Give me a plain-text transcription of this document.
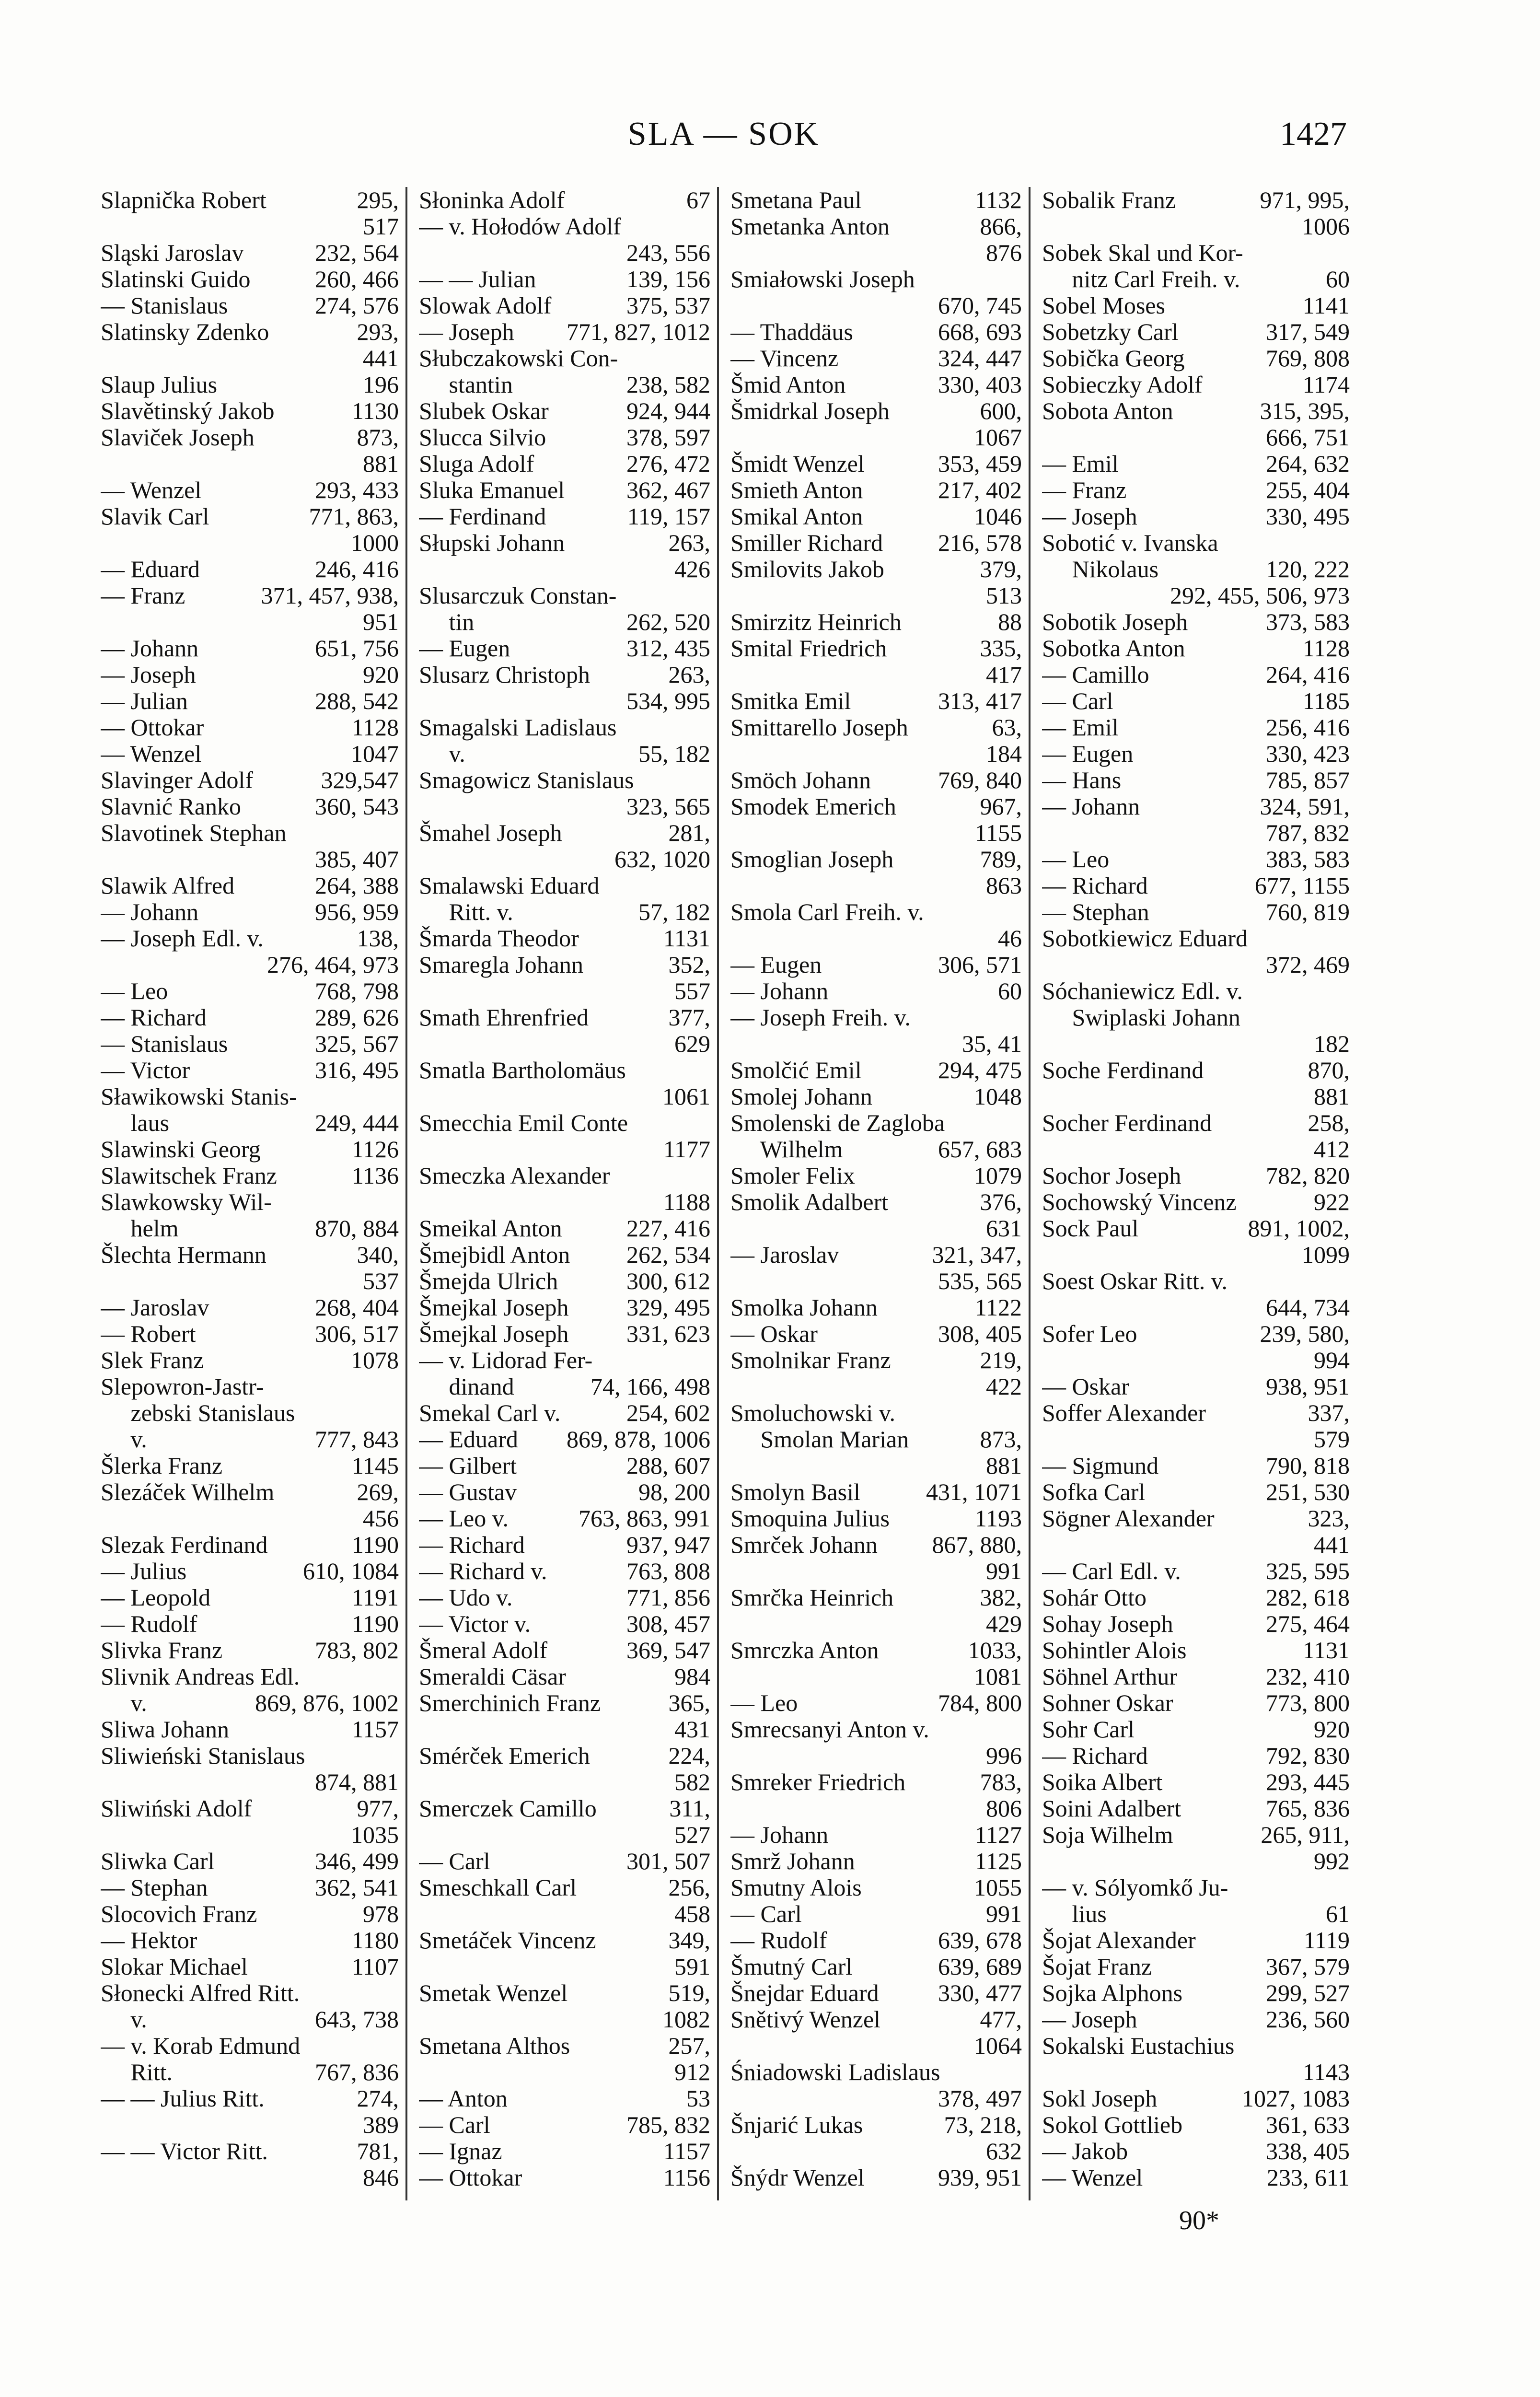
SLA — SOK	1427
Slapnička Robert	295,
517
Sląski Jaroslav	232, 564
Slatinski Guido	260, 466
— Stanislaus	274, 576
Slatinsky Zdenko	293,
441
Slaup Julius	196
Slavětinský Jakob	1130
Slaviček Joseph	873,
881
— Wenzel	293, 433
Slavik Carl	771, 863,
1000
— Eduard	246, 416
— Franz	371, 457, 938,
951
— Johann	651, 756
— Joseph	920
— Julian	288, 542
— Ottokar	1128
— Wenzel	1047
Slavinger Adolf	329,547
Slavnić Ranko	360, 543
Slavotinek Stephan
385, 407
Slawik Alfred	264, 388
— Johann	956, 959
— Joseph Edl. v.	138,
276, 464, 973
— Leo	768, 798
— Richard	289, 626
— Stanislaus	325, 567
— Victor	316, 495
Sławikowski Stanis-
laus	249, 444
Slawinski Georg	1126
Slawitschek Franz	1136
Slawkowsky Wil-
helm	870, 884
Šlechta Hermann	340,
537
— Jaroslav	268, 404
— Robert	306, 517
Slek Franz	1078
Slepowron-Jastr-
zebski Stanislaus
v.	777, 843
Šlerka Franz	1145
Slezáček Wilhelm	269,
456
Slezak Ferdinand	1190
— Julius	610, 1084
— Leopold	1191
— Rudolf	1190
Slivka Franz	783, 802
Slivnik Andreas Edl.
v.	869, 876, 1002
Sliwa Johann	1157
Sliwieński Stanislaus
874, 881
Sliwiński Adolf	977,
1035
Sliwka Carl	346, 499
— Stephan	362, 541
Slocovich Franz	978
— Hektor	1180
Slokar Michael	1107
Słonecki Alfred Ritt.
v.	643, 738
— v. Korab Edmund
Ritt.	767, 836
— — Julius Ritt.	274,
389
— — Victor Ritt.	781,
846
Słoninka Adolf	67
— v. Hołodów Adolf
243, 556
— — Julian	139, 156
Slowak Adolf	375, 537
— Joseph 771, 827, 1012
Słubczakowski Con-
stantin	238, 582
Slubek Oskar	924, 944
Slucca Silvio	378, 597
Sluga Adolf	276, 472
Sluka Emanuel	362, 467
— Ferdinand	119, 157
Słupski Johann	263,
426
Slusarczuk Constan-
tin	262, 520
— Eugen	312, 435
Slusarz Christoph	263,
534, 995
Smagalski Ladislaus
v.	55, 182
Smagowicz Stanislaus
323, 565
Šmahel Joseph	281,
632, 1020
Smalawski Eduard
Ritt. v.	57, 182
Šmarda Theodor	1131
Smaregla Johann	352,
557
Smath Ehrenfried	377,
629
Smatla Bartholomäus
1061
Smecchia Emil Conte
1177
Smeczka Alexander
1188
Smeikal Anton	227, 416
Šmejbidl Anton 262, 534
Šmejda Ulrich	300, 612
Šmejkal Joseph 329, 495
Šmejkal Joseph 331, 623
— v. Lidorad Fer-
dinand	74, 166, 498
Smekal Carl v.	254, 602
— Eduard 869, 878, 1006
— Gilbert	288, 607
— Gustav	98, 200
— Leo v.	763, 863, 991
— Richard	937, 947
— Richard v.	763, 808
— Udo v.	771, 856
— Victor v.	308, 457
Šmeral Adolf	369, 547
Smeraldi Cäsar	984
Smerchinich Franz	365,
431
Smérček Emerich	224,
582
Smerczek Camillo	311,
527
— Carl	301, 507
Smeschkall Carl	256,
458
Smetáček Vincenz	349,
591
Smetak Wenzel	519,
1082
Smetana Althos	257,
912
— Anton	53
— Carl	785, 832
— Ignaz	1157
— Ottokar	1156
Smetana Paul	1132
Smetanka Anton	866,
876
Smiałowski Joseph
670, 745
— Thaddäus	668, 693
— Vincenz	324, 447
Šmid Anton	330, 403
Šmidrkal Joseph	600,
1067
Šmidt Wenzel	353, 459
Smieth Anton	217, 402
Smikal Anton	1046
Smiller Richard 216, 578
Smilovits Jakob	379,
513
Smirzitz Heinrich	88
Smital Friedrich	335,
417
Smitka Emil	313, 417
Smittarello Joseph	63,
184
Smöch Johann	769, 840
Smodek Emerich	967,
1155
Smoglian Joseph	789,
863
Smola Carl Freih. v.
46
— Eugen	306, 571
— Johann	60
— Joseph Freih. v.
35, 41
Smolčić Emil	294, 475
Smolej Johann	1048
Smolenski de Zagloba
Wilhelm	657, 683
Smoler Felix	1079
Smolik Adalbert	376,
631
— Jaroslav	321, 347,
535, 565
Smolka Johann	1122
— Oskar	308, 405
Smolnikar Franz	219,
422
Smoluchowski v.
Smolan Marian	873,
881
Smolyn Basil	431, 1071
Smoquina Julius	1193
Smrček Johann 867, 880,
991
Smrčka Heinrich	382,
429
Smrczka Anton	1033,
1081
— Leo	784, 800
Smrecsanyi Anton v.
996
Smreker Friedrich	783,
806
— Johann	1127
Smrž Johann	1125
Smutny Alois	1055
— Carl	991
— Rudolf	639, 678
Šmutný Carl	639, 689
Šnejdar Eduard 330, 477
Snětivý Wenzel	477,
1064
Śniadowski Ladislaus
378, 497
Šnjarić Lukas	73, 218,
632
Šnýdr Wenzel	939, 951
Sobalik Franz	971, 995,
1006
Sobek Skal und Kor-
nitz Carl Freih. v.	60
Sobel Moses	1141
Sobetzky Carl	317, 549
Sobička Georg	769, 808
Sobieczky Adolf	1174
Sobota Anton	315, 395,
666, 751
— Emil	264, 632
— Franz	255, 404
— Joseph	330, 495
Sobotić v. Ivanska
Nikolaus	120, 222
292, 455, 506, 973
Sobotik Joseph	373, 583
Sobotka Anton	1128
— Camillo	264, 416
— Carl	1185
— Emil	256, 416
— Eugen	330, 423
— Hans	785, 857
— Johann	324, 591,
787, 832
— Leo	383, 583
— Richard	677, 1155
— Stephan	760, 819
Sobotkiewicz Eduard
372, 469
Sóchaniewicz Edl. v.
Swiplaski Johann
182
Soche Ferdinand	870,
881
Socher Ferdinand	258,
412
Sochor Joseph	782, 820
Sochowský Vincenz	922
Sock Paul	891, 1002,
1099
Soest Oskar Ritt. v.
644, 734
Sofer Leo	239, 580,
994
— Oskar	938, 951
Soffer Alexander	337,
579
— Sigmund	790, 818
Sofka Carl	251, 530
Sögner Alexander	323,
441
— Carl Edl. v.	325, 595
Sohár Otto	282, 618
Sohay Joseph	275, 464
Sohintler Alois	1131
Söhnel Arthur	232, 410
Sohner Oskar	773, 800
Sohr Carl	920
— Richard	792, 830
Soika Albert	293, 445
Soini Adalbert	765, 836
Soja Wilhelm	265, 911,
992
— v. Sólyomkő Ju-
lius	61
Šojat Alexander	1119
Šojat Franz	367, 579
Sojka Alphons	299, 527
— Joseph	236, 560
Sokalski Eustachius
1143
Sokl Joseph	1027, 1083
Sokol Gottlieb	361, 633
— Jakob	338, 405
— Wenzel	233, 611
90*
